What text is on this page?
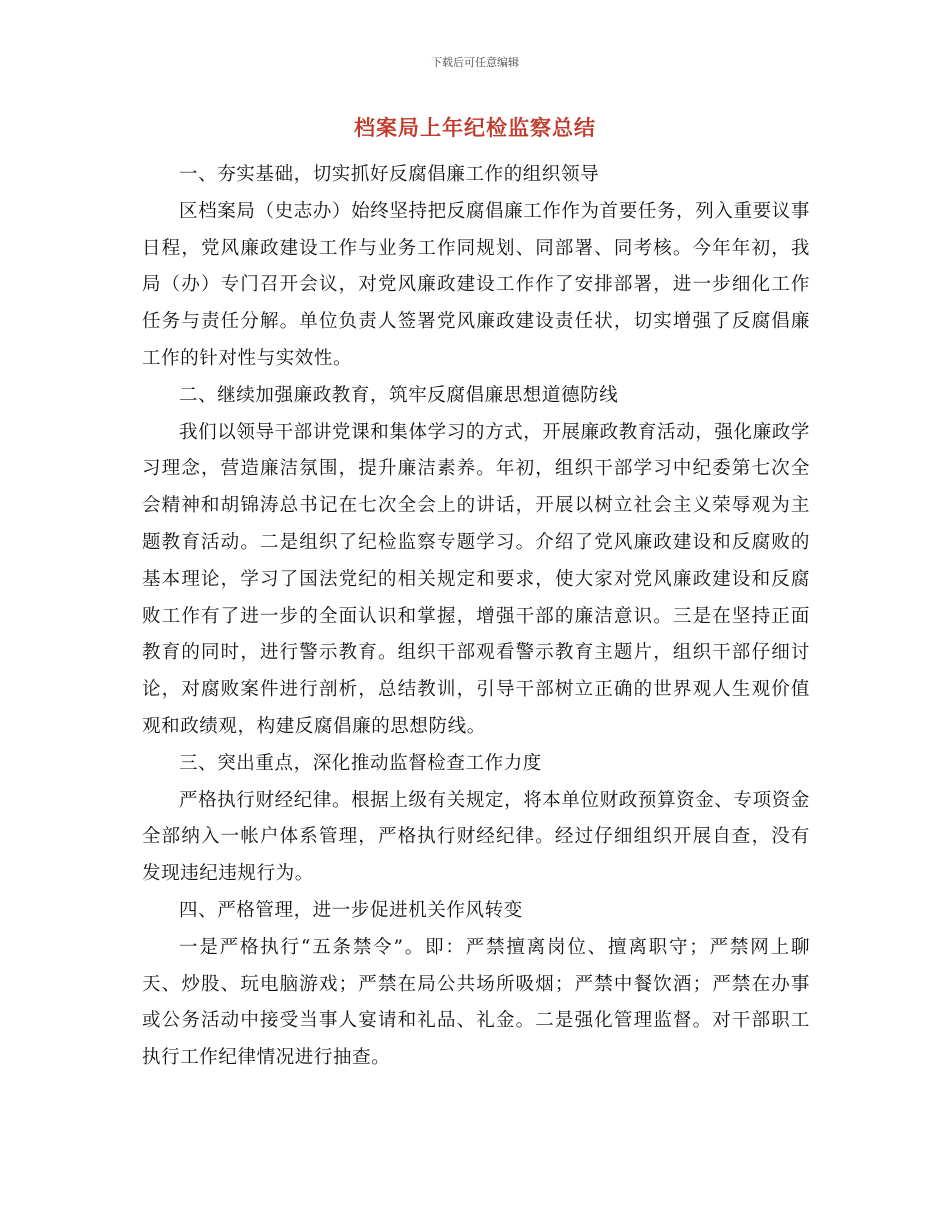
下载后可任意编辑
档案局上年纪检监察总结

一、夯实基础，切实抓好反腐倡廉工作的组织领导

区档案局（史志办）始终坚持把反腐倡廉工作作为首要任务，列入重要议事日程，党风廉政建设工作与业务工作同规划、同部署、同考核。今年年初，我局（办）专门召开会议，对党风廉政建设工作作了安排部署，进一步细化工作任务与责任分解。单位负责人签署党风廉政建设责任状，切实增强了反腐倡廉工作的针对性与实效性。

二、继续加强廉政教育，筑牢反腐倡廉思想道德防线

我们以领导干部讲党课和集体学习的方式，开展廉政教育活动，强化廉政学习理念，营造廉洁氛围，提升廉洁素养。年初，组织干部学习中纪委第七次全会精神和胡锦涛总书记在七次全会上的讲话，开展以树立社会主义荣辱观为主题教育活动。二是组织了纪检监察专题学习。介绍了党风廉政建设和反腐败的基本理论，学习了国法党纪的相关规定和要求，使大家对党风廉政建设和反腐败工作有了进一步的全面认识和掌握，增强干部的廉洁意识。三是在坚持正面教育的同时，进行警示教育。组织干部观看警示教育主题片，组织干部仔细讨论，对腐败案件进行剖析，总结教训，引导干部树立正确的世界观人生观价值观和政绩观，构建反腐倡廉的思想防线。

三、突出重点，深化推动监督检查工作力度

严格执行财经纪律。根据上级有关规定，将本单位财政预算资金、专项资金全部纳入一帐户体系管理，严格执行财经纪律。经过仔细组织开展自查，没有发现违纪违规行为。

四、严格管理，进一步促进机关作风转变

一是严格执行“五条禁令”。即：严禁擅离岗位、擅离职守；严禁网上聊天、炒股、玩电脑游戏；严禁在局公共场所吸烟；严禁中餐饮酒；严禁在办事或公务活动中接受当事人宴请和礼品、礼金。二是强化管理监督。对干部职工执行工作纪律情况进行抽查。
